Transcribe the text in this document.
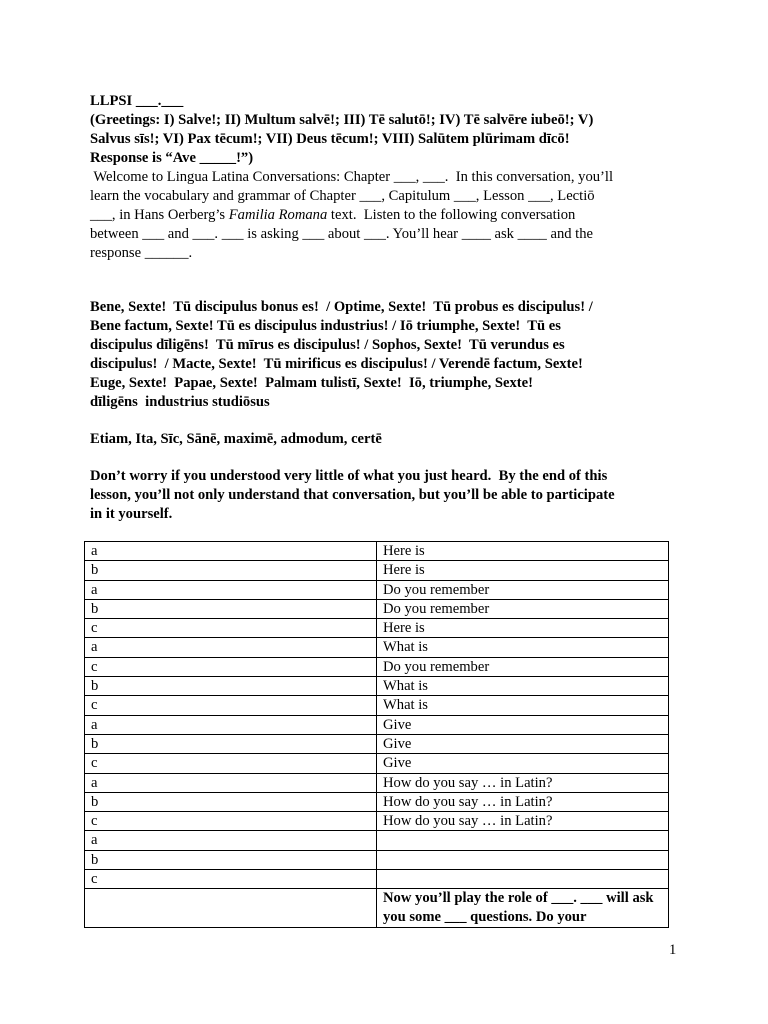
LLPSI ___.___
(Greetings: I) Salve!; II) Multum salvē!; III) Tē salutō!; IV) Tē salvēre iubeō!; V)
Salvus sīs!; VI) Pax tēcum!; VII) Deus tēcum!; VIII) Salūtem plūrimam dīcō!
Response is “Ave _____!”)
Welcome to Lingua Latina Conversations: Chapter ___, ___.  In this conversation, you’ll
learn the vocabulary and grammar of Chapter ___, Capitulum ___, Lesson ___, Lectiō
___, in Hans Oerberg’s Familia Romana text.  Listen to the following conversation
between ___ and ___. ___ is asking ___ about ___. You’ll hear ____ ask ____ and the
response ______.
Bene, Sexte!  Tū discipulus bonus es!  / Optime, Sexte!  Tū probus es discipulus! /
Bene factum, Sexte! Tū es discipulus industrius! / Iō triumphe, Sexte!  Tū es
discipulus dīligēns!  Tū mīrus es discipulus! / Sophos, Sexte!  Tū verundus es
discipulus!  / Macte, Sexte!  Tū mirificus es discipulus! / Verendē factum, Sexte!
Euge, Sexte!  Papae, Sexte!  Palmam tulistī, Sexte!  Iō, triumphe, Sexte!
dīligēns  industrius studiōsus
Etiam, Ita, Sīc, Sānē, maximē, admodum, certē
Don’t worry if you understood very little of what you just heard.  By the end of this
lesson, you’ll not only understand that conversation, but you’ll be able to participate
in it yourself.
a	Here is
b	Here is
a	Do you remember
b	Do you remember
c	Here is
a	What is
c	Do you remember
b	What is
c	What is
a	Give
b	Give
c	Give
a	How do you say … in Latin?
b	How do you say … in Latin?
c	How do you say … in Latin?
a	
b	
c	
	Now you’ll play the role of ___. ___ will ask you some ___ questions. Do your
1
